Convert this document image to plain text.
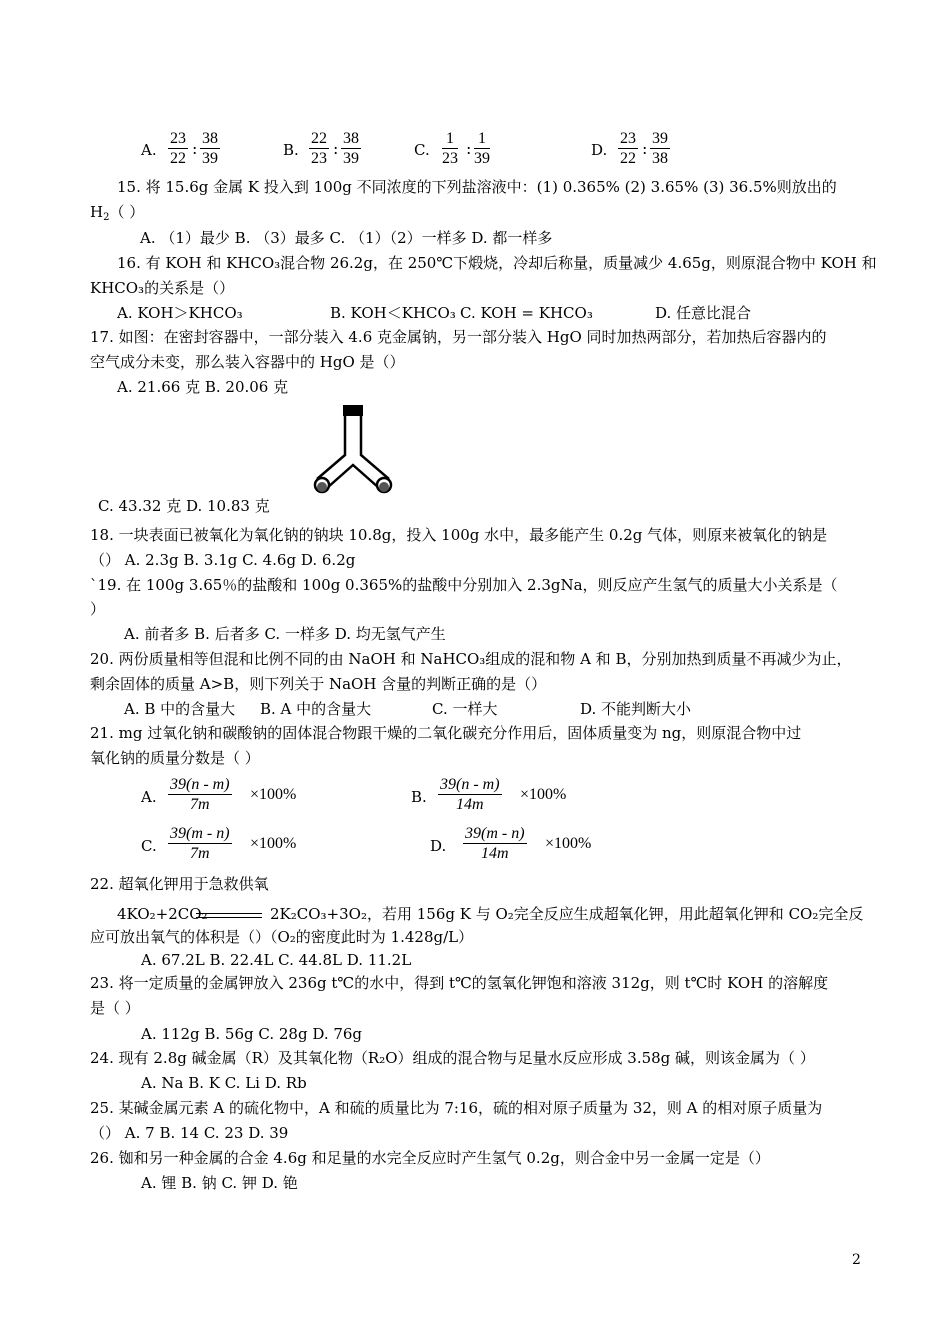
A. $\frac{23}{22}$ : $\frac{38}{39}$	B. $\frac{22}{23}$ : $\frac{38}{39}$	C. $\frac{1}{23}$ : $\frac{1}{39}$	D. $\frac{23}{22}$ : $\frac{39}{38}$
15. 将 15.6g 金属 K 投入到 100g 不同浓度的下列盐溶液中：(1) 0.365% (2) 3.65% (3) 36.5%则放出的
$H_2$（ ）
A. （1）最少 B. （3）最多 C. （1）（2）一样多 D. 都一样多
16. 有 KOH 和 KHCO₃混合物 26.2g，在 250℃下煅烧，冷却后称量，质量减少 4.65g，则原混合物中 KOH 和
KHCO₃的关系是（）
A. KOH＞KHCO₃	B. KOH＜KHCO₃ C. KOH = KHCO₃	D. 任意比混合
17. 如图：在密封容器中，一部分装入 4.6 克金属钠，另一部分装入 HgO 同时加热两部分，若加热后容器内的
空气成分未变，那么装入容器中的 HgO 是（）
A. 21.66 克 B. 20.06 克
C. 43.32 克 D. 10.83 克
18. 一块表面已被氧化为氧化钠的钠块 10.8g，投入 100g 水中，最多能产生 0.2g 气体，则原来被氧化的钠是
（） A. 2.3g B. 3.1g C. 4.6g D. 6.2g
`19. 在 100g 3.65％的盐酸和 100g 0.365%的盐酸中分别加入 2.3gNa，则反应产生氢气的质量大小关系是（
）
A. 前者多 B. 后者多 C. 一样多 D. 均无氢气产生
20. 两份质量相等但混和比例不同的由 NaOH 和 NaHCO₃组成的混和物 A 和 B，分别加热到质量不再减少为止，
剩余固体的质量 A>B，则下列关于 NaOH 含量的判断正确的是（）
A. B 中的含量大 B. A 中的含量大	C. 一样大	D. 不能判断大小
21. mg 过氧化钠和碳酸钠的固体混合物跟干燥的二氧化碳充分作用后，固体质量变为 ng，则原混合物中过
氧化钠的质量分数是（ ）
A. $\frac{39(n - m)}{7m} \times 100\%$	B. $\frac{39(n - m)}{14m} \times 100\%$
C. $\frac{39(m - n)}{7m} \times 100\%$	D. $\frac{39(m - n)}{14m} \times 100\%$
22. 超氧化钾用于急救供氧
4KO₂+2CO₂	2K₂CO₃+3O₂，若用 156g K 与 O₂完全反应生成超氧化钾，用此超氧化钾和 CO₂完全反
应可放出氧气的体积是（）（O₂的密度此时为 1.428g/L）
A. 67.2L B. 22.4L C. 44.8L D. 11.2L
23. 将一定质量的金属钾放入 236g t℃的水中，得到 t℃的氢氧化钾饱和溶液 312g，则 t℃时 KOH 的溶解度
是（ ）
A. 112g B. 56g C. 28g D. 76g
24. 现有 2.8g 碱金属（R）及其氧化物（R₂O）组成的混合物与足量水反应形成 3.58g 碱，则该金属为（ ）
A. Na B. K C. Li D. Rb
25. 某碱金属元素 A 的硫化物中，A 和硫的质量比为 7:16，硫的相对原子质量为 32，则 A 的相对原子质量为
（） A. 7 B. 14 C. 23 D. 39
26. 铷和另一种金属的合金 4.6g 和足量的水完全反应时产生氢气 0.2g，则合金中另一金属一定是（）
A. 锂 B. 钠 C. 钾 D. 铯
2
